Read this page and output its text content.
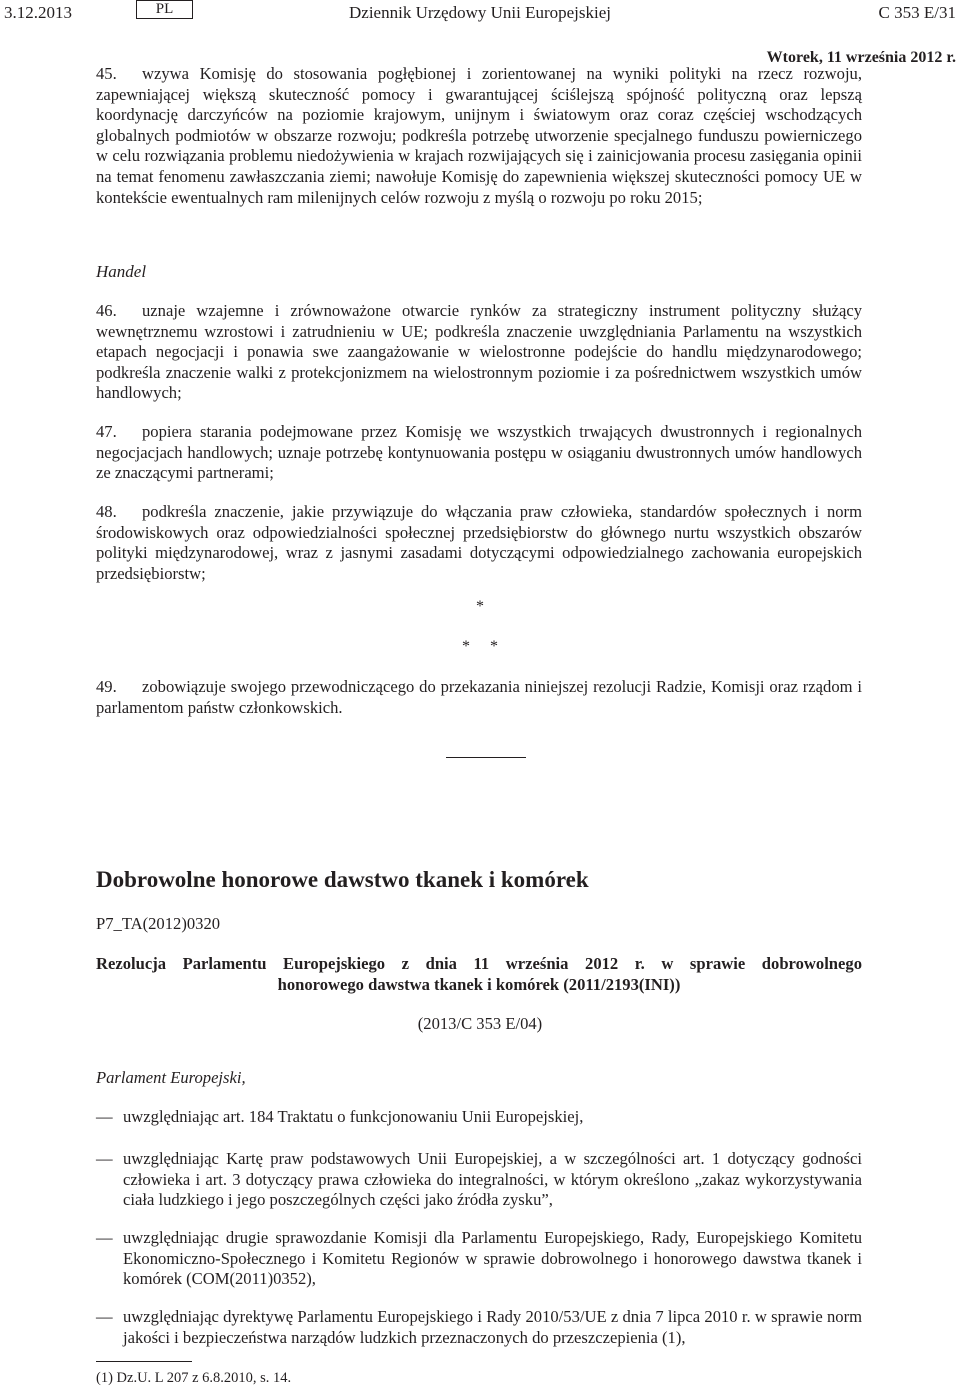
3.12.2013	PL	Dziennik Urzędowy Unii Europejskiej	C 353 E/31
Wtorek, 11 września 2012 r.

45. wzywa Komisję do stosowania pogłębionej i zorientowanej na wyniki polityki na rzecz rozwoju, zapewniającej większą skuteczność pomocy i gwarantującej ściślejszą spójność polityczną oraz lepszą koordynację darczyńców na poziomie krajowym, unijnym i światowym oraz coraz częściej wschodzących globalnych podmiotów w obszarze rozwoju; podkreśla potrzebę utworzenie specjalnego funduszu powierniczego w celu rozwiązania problemu niedożywienia w krajach rozwijających się i zainicjowania procesu zasięgania opinii na temat fenomenu zawłaszczania ziemi; nawołuje Komisję do zapewnienia większej skuteczności pomocy UE w kontekście ewentualnych ram milenijnych celów rozwoju z myślą o rozwoju po roku 2015;

Handel

46. uznaje wzajemne i zrównoważone otwarcie rynków za strategiczny instrument polityczny służący wewnętrznemu wzrostowi i zatrudnieniu w UE; podkreśla znaczenie uwzględniania Parlamentu na wszystkich etapach negocjacji i ponawia swe zaangażowanie w wielostronne podejście do handlu międzynarodowego; podkreśla znaczenie walki z protekcjonizmem na wielostronnym poziomie i za pośrednictwem wszystkich umów handlowych;

47. popiera starania podejmowane przez Komisję we wszystkich trwających dwustronnych i regionalnych negocjacjach handlowych; uznaje potrzebę kontynuowania postępu w osiąganiu dwustronnych umów handlowych ze znaczącymi partnerami;

48. podkreśla znaczenie, jakie przywiązuje do włączania praw człowieka, standardów społecznych i norm środowiskowych oraz odpowiedzialności społecznej przedsiębiorstw do głównego nurtu wszystkich obszarów polityki międzynarodowej, wraz z jasnymi zasadami dotyczącymi odpowiedzialnego zachowania europejskich przedsiębiorstw;

*
*     *

49. zobowiązuje swojego przewodniczącego do przekazania niniejszej rezolucji Radzie, Komisji oraz rządom i parlamentom państw członkowskich.

Dobrowolne honorowe dawstwo tkanek i komórek
P7_TA(2012)0320
Rezolucja Parlamentu Europejskiego z dnia 11 września 2012 r. w sprawie dobrowolnego
honorowego dawstwa tkanek i komórek (2011/2193(INI))
(2013/C 353 E/04)
Parlament Europejski,
— uwzględniając art. 184 Traktatu o funkcjonowaniu Unii Europejskiej,
— uwzględniając Kartę praw podstawowych Unii Europejskiej, a w szczególności art. 1 dotyczący godności człowieka i art. 3 dotyczący prawa człowieka do integralności, w którym określono „zakaz wykorzystywania ciała ludzkiego i jego poszczególnych części jako źródła zysku”,
— uwzględniając drugie sprawozdanie Komisji dla Parlamentu Europejskiego, Rady, Europejskiego Komitetu Ekonomiczno-Społecznego i Komitetu Regionów w sprawie dobrowolnego i honorowego dawstwa tkanek i komórek (COM(2011)0352),
— uwzględniając dyrektywę Parlamentu Europejskiego i Rady 2010/53/UE z dnia 7 lipca 2010 r. w sprawie norm jakości i bezpieczeństwa narządów ludzkich przeznaczonych do przeszczepienia (1),
(1) Dz.U. L 207 z 6.8.2010, s. 14.
